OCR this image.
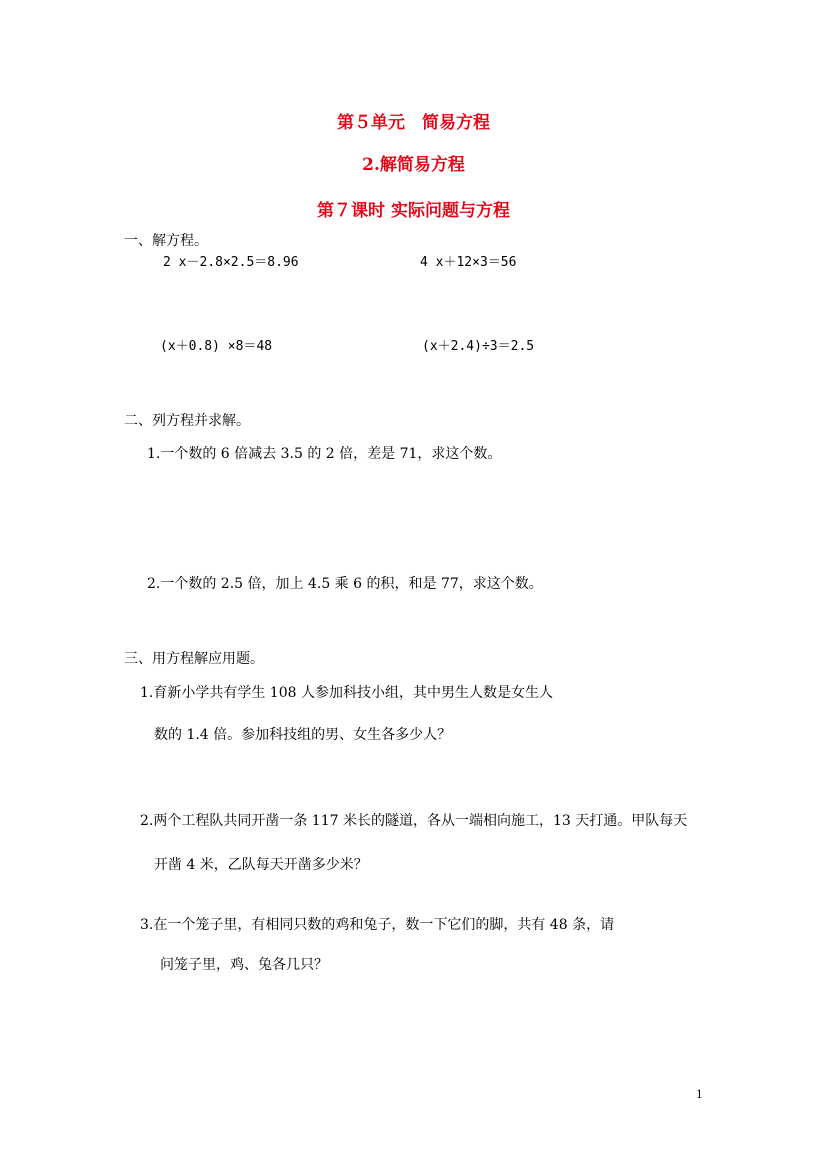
第５单元　简易方程
2.解简易方程
第７课时 实际问题与方程
一、解方程。
2 x－2.8×2.5＝8.96	4 x＋12×3＝56
(x＋0.8) ×8＝48	(x＋2.4)÷3＝2.5
二、列方程并求解。
1.一个数的 6 倍减去 3.5 的 2 倍，差是 71，求这个数。
2.一个数的 2.5 倍，加上 4.5 乘 6 的积，和是 77，求这个数。
三、用方程解应用题。
1.育新小学共有学生 108 人参加科技小组，其中男生人数是女生人
数的 1.4 倍。参加科技组的男、女生各多少人？
2.两个工程队共同开凿一条 117 米长的隧道，各从一端相向施工，13 天打通。甲队每天
开凿 4 米，乙队每天开凿多少米？
3.在一个笼子里，有相同只数的鸡和兔子，数一下它们的脚，共有 48 条，请
问笼子里，鸡、兔各几只？
1
